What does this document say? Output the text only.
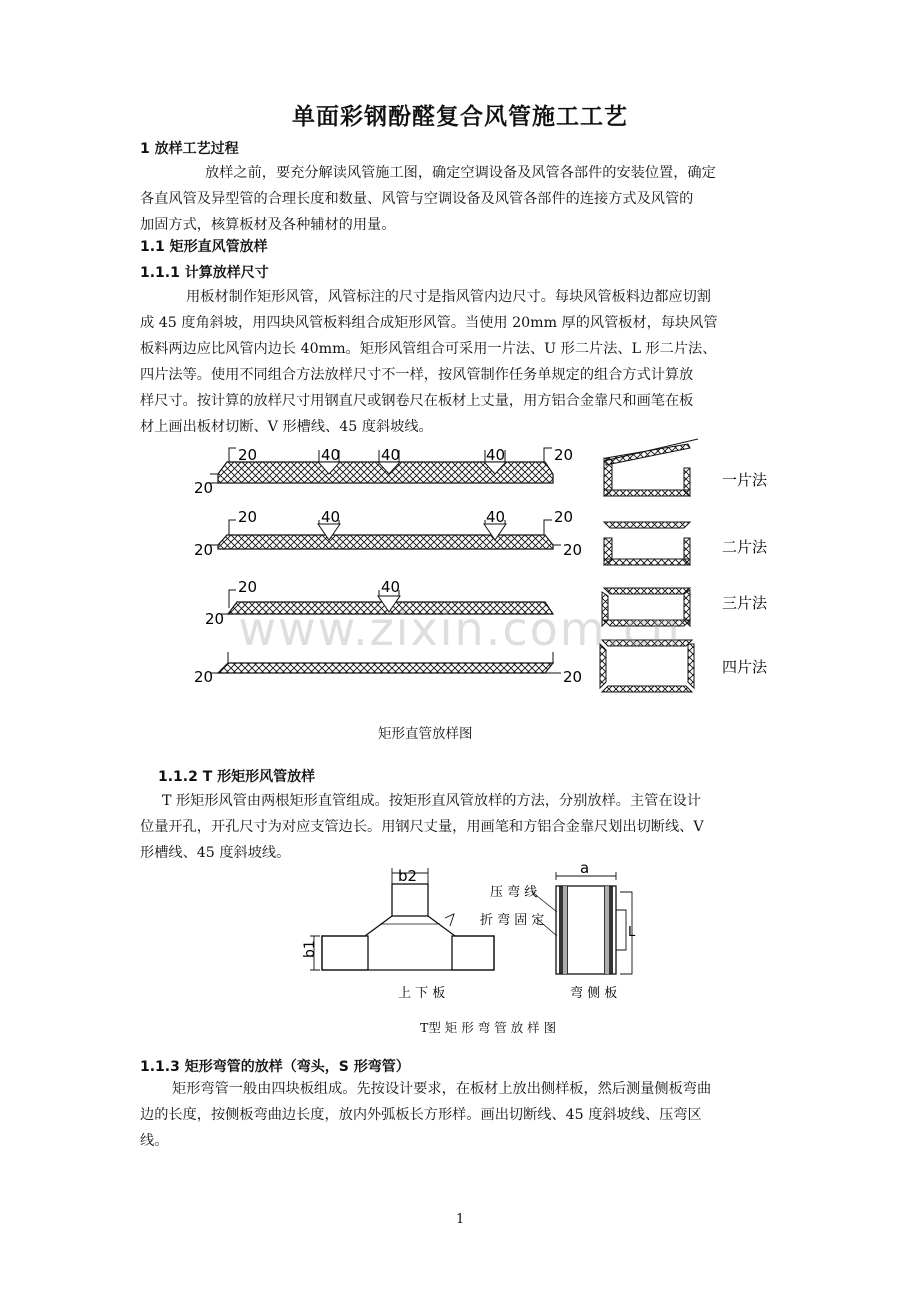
单面彩钢酚醛复合风管施工工艺
1 放样工艺过程
放样之前，要充分解读风管施工图，确定空调设备及风管各部件的安装位置，确定
各直风管及异型管的合理长度和数量、风管与空调设备及风管各部件的连接方式及风管的
加固方式，核算板材及各种辅材的用量。
1.1 矩形直风管放样
1.1.1 计算放样尺寸
用板材制作矩形风管，风管标注的尺寸是指风管内边尺寸。每块风管板料边都应切割
成 45 度角斜坡，用四块风管板料组合成矩形风管。当使用 20mm 厚的风管板材，每块风管
板料两边应比风管内边长 40mm。矩形风管组合可采用一片法、U 形二片法、L 形二片法、
四片法等。使用不同组合方法放样尺寸不一样，按风管制作任务单规定的组合方式计算放
样尺寸。按计算的放样尺寸用钢直尺或钢卷尺在板材上丈量，用方铝合金靠尺和画笔在板
材上画出板材切断、V 形槽线、45 度斜坡线。
20	40	40	40	20
20
20	40	40	20
20	20
20	40
20
20	20
一片法
二片法
三片法
四片法
www.zixin.com.cn
矩形直管放样图
1.1.2 T 形矩形风管放样
T 形矩形风管由两根矩形直管组成。按矩形直风管放样的方法，分别放样。主管在设计
位量开孔，开孔尺寸为对应支管边长。用钢尺丈量，用画笔和方铝合金靠尺划出切断线、V
形槽线、45 度斜坡线。
b2
b1
a
L
压 弯 线
折 弯 固 定
上 下 板	弯 侧 板
T型 矩 形 弯 管 放 样 图
1.1.3 矩形弯管的放样（弯头，S 形弯管）
矩形弯管一般由四块板组成。先按设计要求，在板材上放出侧样板，然后测量侧板弯曲
边的长度，按侧板弯曲边长度，放内外弧板长方形样。画出切断线、45 度斜坡线、压弯区
线。
1
